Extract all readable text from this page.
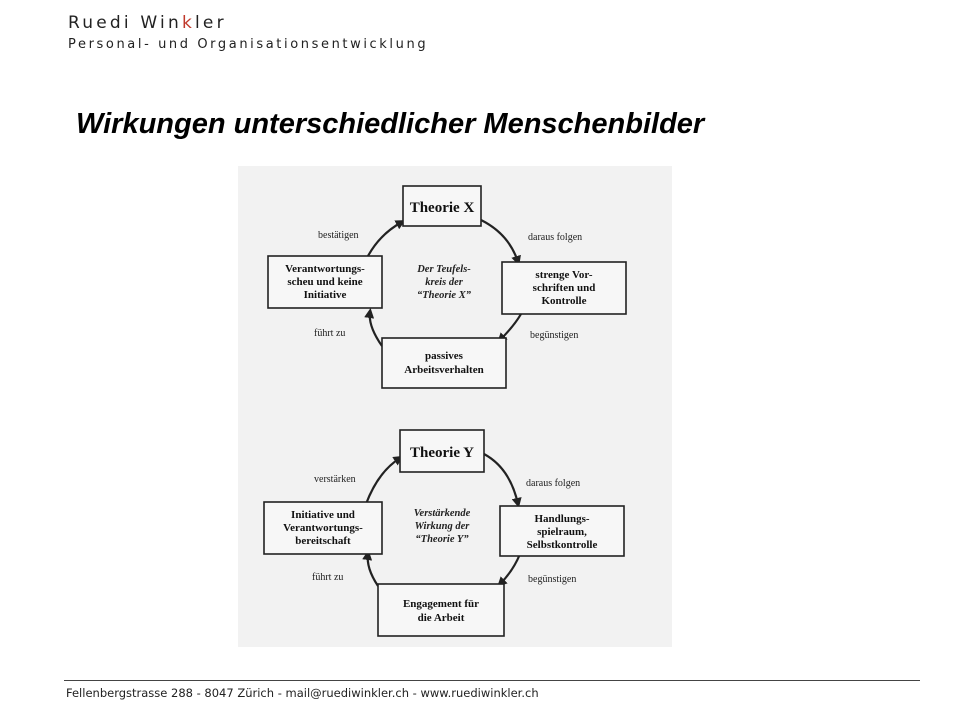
Ruedi Winkler
Personal- und Organisationsentwicklung
Wirkungen unterschiedlicher Menschenbilder
Theorie X
strenge Vor-
schriften und
Kontrolle
passives
Arbeitsverhalten
Verantwortungs-
scheu und keine
Initiative
Der Teufels-
kreis der
“Theorie X”
daraus folgen
begünstigen
führt zu
bestätigen
Theorie Y
Handlungs-
spielraum,
Selbstkontrolle
Engagement für
die Arbeit
Initiative und
Verantwortungs-
bereitschaft
Verstärkende
Wirkung der
“Theorie Y”
daraus folgen
begünstigen
führt zu
verstärken
Fellenbergstrasse 288 - 8047 Zürich - mail@ruediwinkler.ch - www.ruediwinkler.ch
